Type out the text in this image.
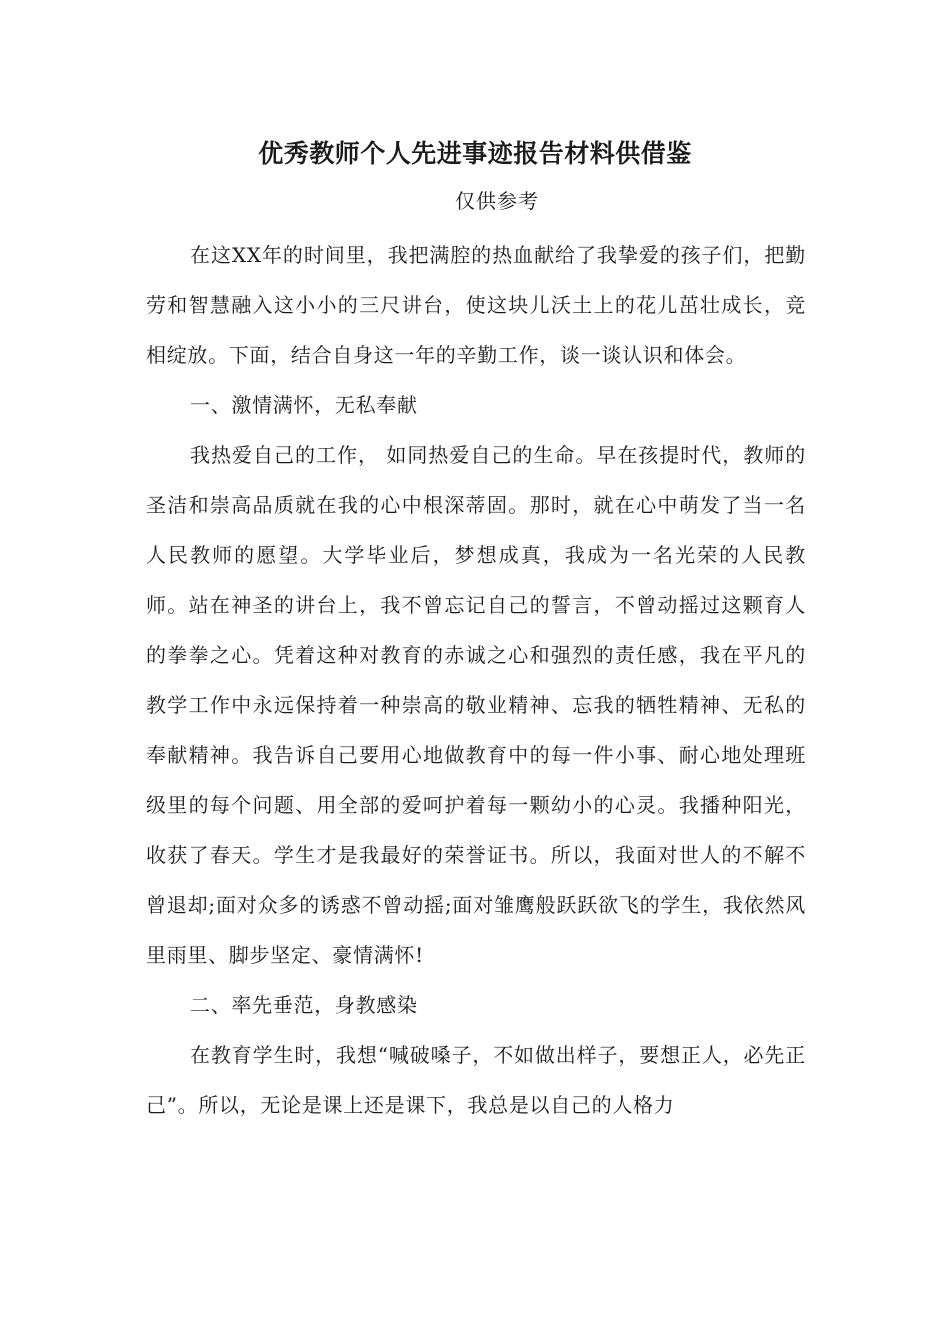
优秀教师个人先进事迹报告材料供借鉴
仅供参考

在这XX年的时间里，我把满腔的热血献给了我挚爱的孩子们，把勤劳和智慧融入这小小的三尺讲台，使这块儿沃土上的花儿茁壮成长，竞相绽放。下面，结合自身这一年的辛勤工作，谈一谈认识和体会。

一、激情满怀，无私奉献

我热爱自己的工作， 如同热爱自己的生命。早在孩提时代，教师的圣洁和崇高品质就在我的心中根深蒂固。那时，就在心中萌发了当一名人民教师的愿望。大学毕业后，梦想成真，我成为一名光荣的人民教师。站在神圣的讲台上，我不曾忘记自己的誓言，不曾动摇过这颗育人的拳拳之心。凭着这种对教育的赤诚之心和强烈的责任感，我在平凡的教学工作中永远保持着一种崇高的敬业精神、忘我的牺牲精神、无私的奉献精神。我告诉自己要用心地做教育中的每一件小事、耐心地处理班级里的每个问题、用全部的爱呵护着每一颗幼小的心灵。我播种阳光，收获了春天。学生才是我最好的荣誉证书。所以，我面对世人的不解不曾退却;面对众多的诱惑不曾动摇;面对雏鹰般跃跃欲飞的学生，我依然风里雨里、脚步坚定、豪情满怀!

二、率先垂范，身教感染

在教育学生时，我想“喊破嗓子，不如做出样子，要想正人，必先正己”。所以，无论是课上还是课下，我总是以自己的人格力
